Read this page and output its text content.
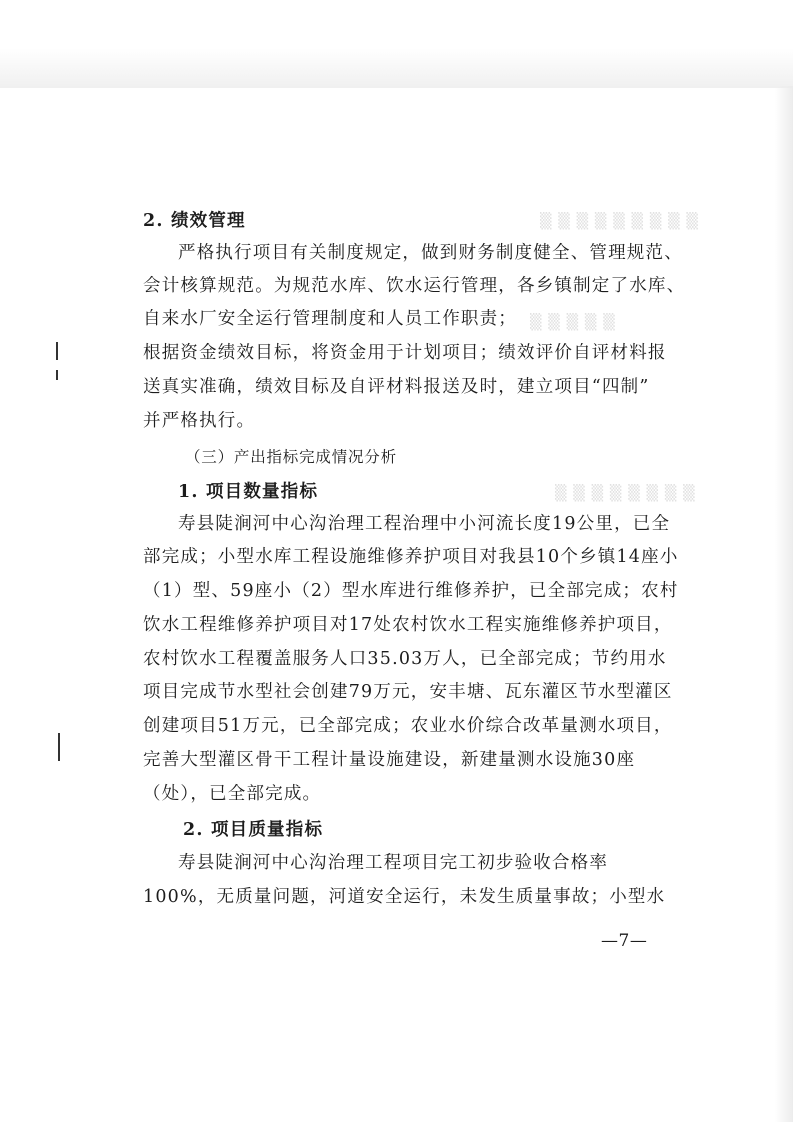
▒ ▒ ▒ ▒ ▒ ▒ ▒ ▒ ▒
▒ ▒ ▒ ▒ ▒
▒ ▒ ▒ ▒ ▒ ▒ ▒ ▒
2. 绩效管理
严格执行项目有关制度规定，做到财务制度健全、管理规范、
会计核算规范。为规范水库、饮水运行管理，各乡镇制定了水库、
自来水厂安全运行管理制度和人员工作职责；
根据资金绩效目标，将资金用于计划项目；绩效评价自评材料报
送真实准确，绩效目标及自评材料报送及时，建立项目“四制”
并严格执行。
（三）产出指标完成情况分析
1. 项目数量指标
寿县陡涧河中心沟治理工程治理中小河流长度19公里，已全
部完成；小型水库工程设施维修养护项目对我县10个乡镇14座小
（1）型、59座小（2）型水库进行维修养护，已全部完成；农村
饮水工程维修养护项目对17处农村饮水工程实施维修养护项目，
农村饮水工程覆盖服务人口35.03万人，已全部完成；节约用水
项目完成节水型社会创建79万元，安丰塘、瓦东灌区节水型灌区
创建项目51万元，已全部完成；农业水价综合改革量测水项目，
完善大型灌区骨干工程计量设施建设，新建量测水设施30座
（处），已全部完成。
2. 项目质量指标
寿县陡涧河中心沟治理工程项目完工初步验收合格率
100%，无质量问题，河道安全运行，未发生质量事故；小型水
—7—
